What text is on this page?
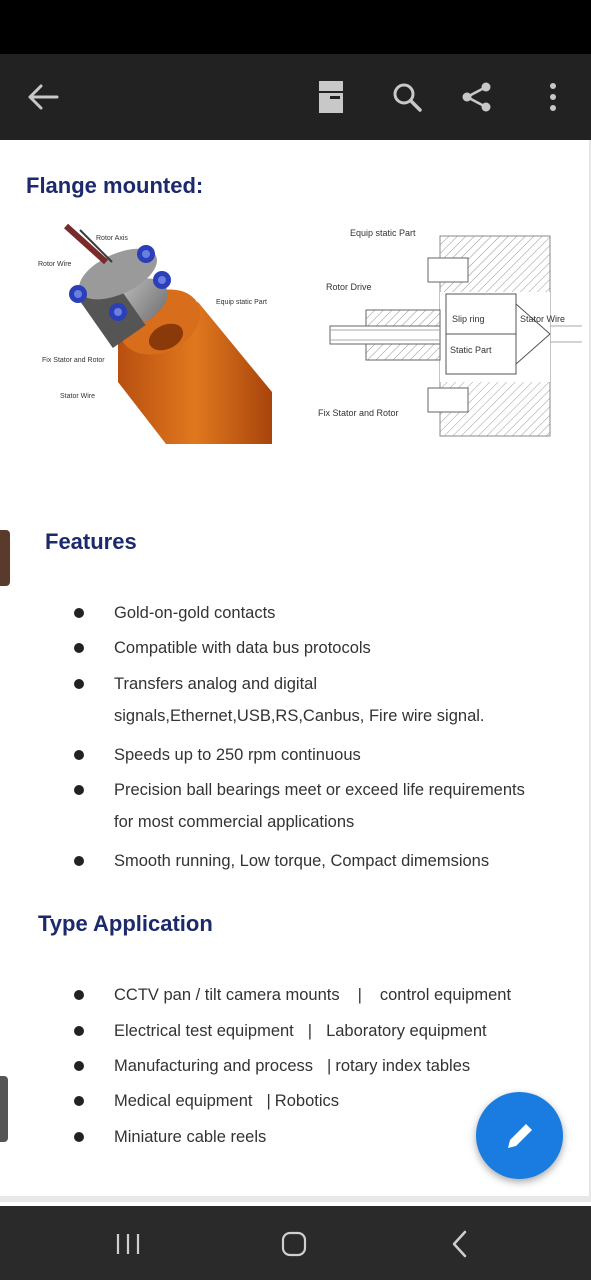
Flange mounted:
Rotor Axis
Rotor Wire
Equip static Part
Fix Stator and Rotor
Stator Wire
Equip static Part
Rotor Drive
Slip ring	Stator Wire
Static Part
Fix Stator and Rotor
Features
Gold-on-gold contacts
Compatible with data bus protocols
Transfers analog and digital
signals,Ethernet,USB,RS,Canbus, Fire wire signal.
Speeds up to 250 rpm continuous
Precision ball bearings meet or exceed life requirements
for most commercial applications
Smooth running, Low torque, Compact dimemsions
Type Application
CCTV pan / tilt camera mounts | control equipment
Electrical test equipment | Laboratory equipment
Manufacturing and process | rotary index tables
Medical equipment | Robotics
Miniature cable reels
